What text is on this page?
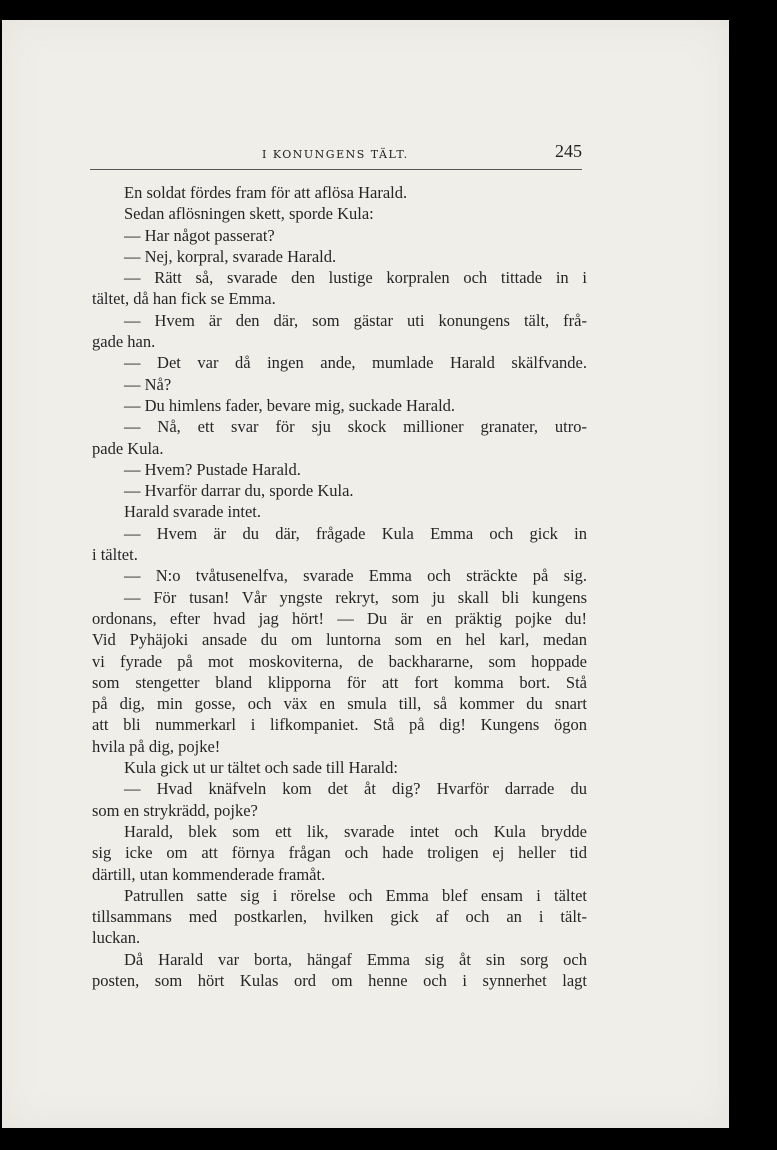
I KONUNGENS TÄLT.	245
En soldat fördes fram för att aflösa Harald.
Sedan aflösningen skett, sporde Kula:
— Har något passerat?
— Nej, korpral, svarade Harald.
— Rätt så, svarade den lustige korpralen och tittade in i
tältet, då han fick se Emma.
— Hvem är den där, som gästar uti konungens tält, frå-
gade han.
— Det var då ingen ande, mumlade Harald skälfvande.
— Nå?
— Du himlens fader, bevare mig, suckade Harald.
— Nå, ett svar för sju skock millioner granater, utro-
pade Kula.
— Hvem? Pustade Harald.
— Hvarför darrar du, sporde Kula.
Harald svarade intet.
— Hvem är du där, frågade Kula Emma och gick in
i tältet.
— N:o tvåtusenelfva, svarade Emma och sträckte på sig.
— För tusan! Vår yngste rekryt, som ju skall bli kungens
ordonans, efter hvad jag hört! — Du är en präktig pojke du!
Vid Pyhäjoki ansade du om luntorna som en hel karl, medan
vi fyrade på mot moskoviterna, de backhararne, som hoppade
som stengetter bland klipporna för att fort komma bort. Stå
på dig, min gosse, och väx en smula till, så kommer du snart
att bli nummerkarl i lifkompaniet. Stå på dig! Kungens ögon
hvila på dig, pojke!
Kula gick ut ur tältet och sade till Harald:
— Hvad knäfveln kom det åt dig? Hvarför darrade du
som en strykrädd, pojke?
Harald, blek som ett lik, svarade intet och Kula brydde
sig icke om att förnya frågan och hade troligen ej heller tid
därtill, utan kommenderade framåt.
Patrullen satte sig i rörelse och Emma blef ensam i tältet
tillsammans med postkarlen, hvilken gick af och an i tält-
luckan.
Då Harald var borta, hängaf Emma sig åt sin sorg och
posten, som hört Kulas ord om henne och i synnerhet lagt
